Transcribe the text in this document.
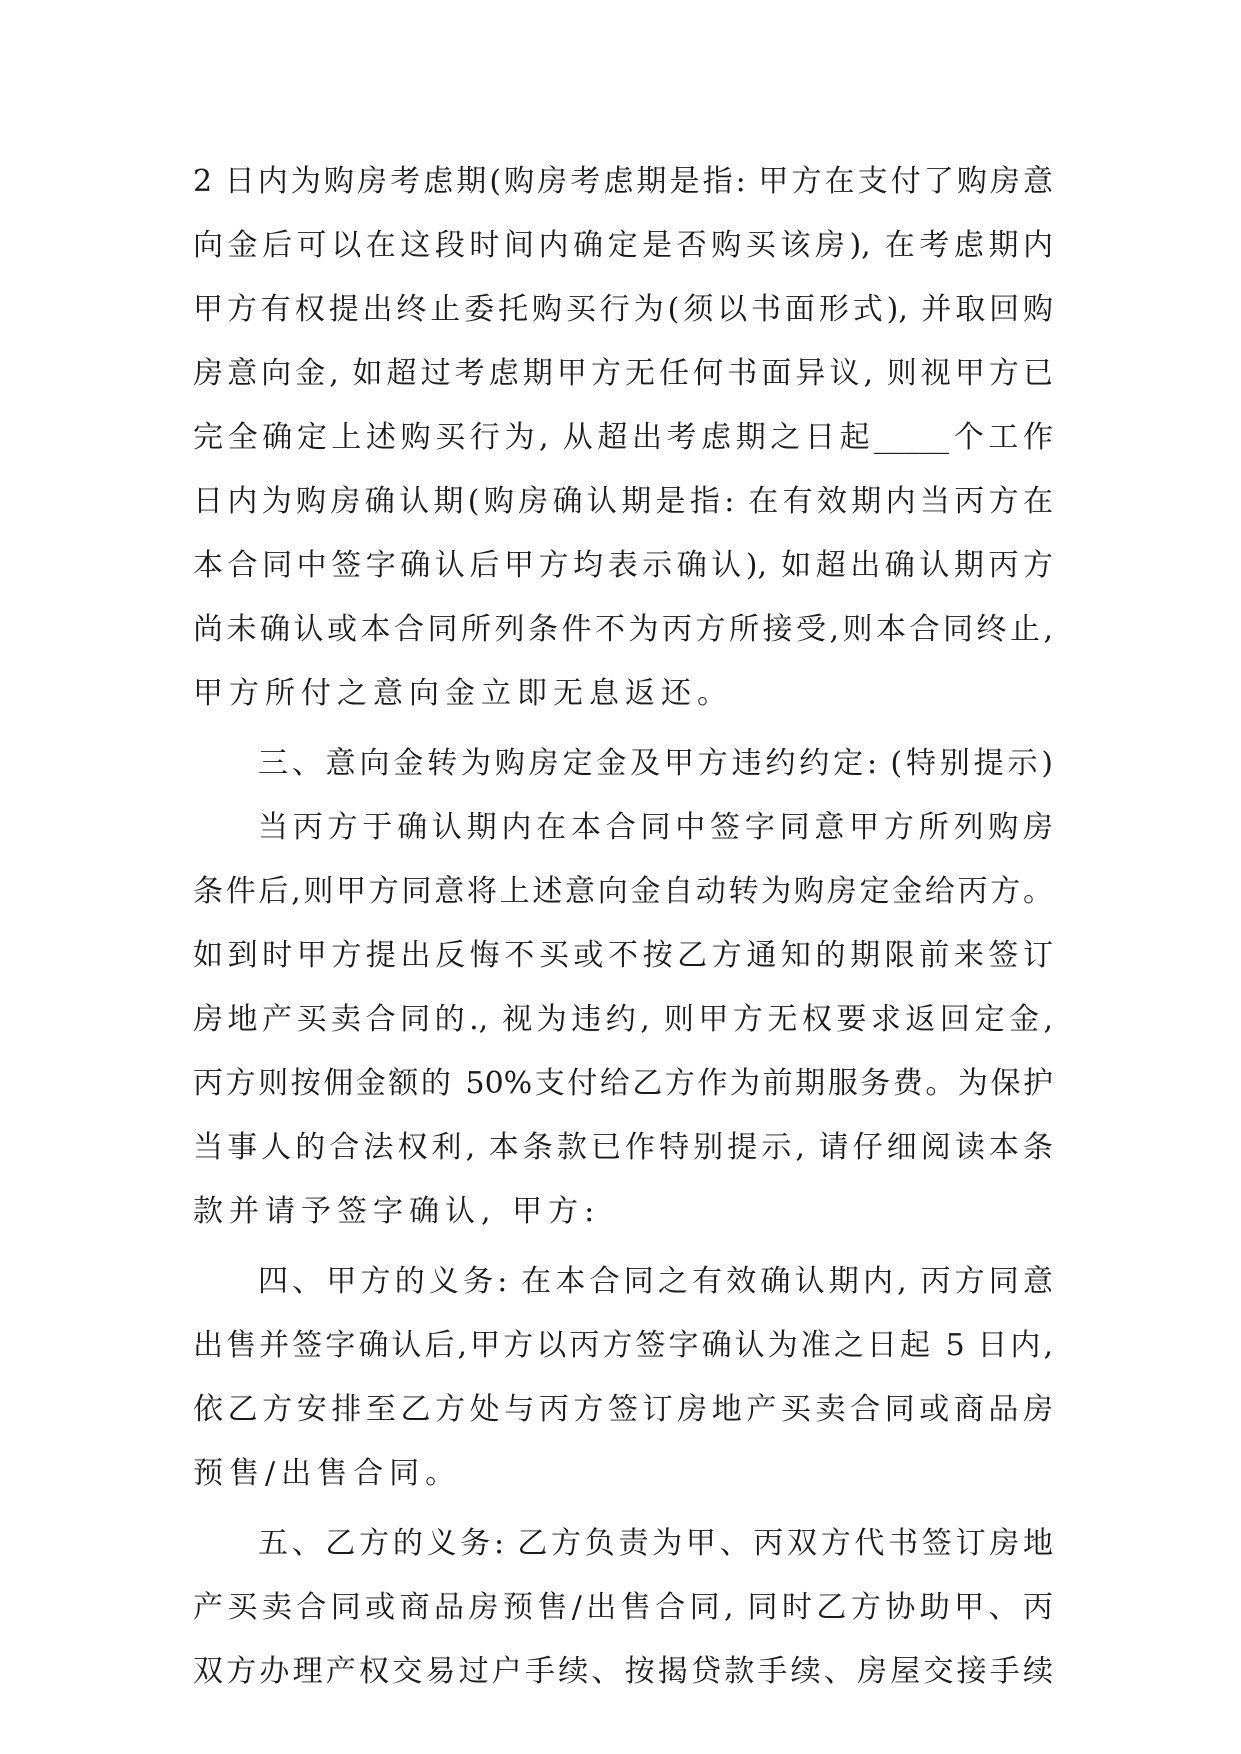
2 日内为购房考虑期(购房考虑期是指: 甲方在支付了购房意
向金后可以在这段时间内确定是否购买该房), 在考虑期内
甲方有权提出终止委托购买行为(须以书面形式), 并取回购
房意向金, 如超过考虑期甲方无任何书面异议, 则视甲方已
完全确定上述购买行为, 从超出考虑期之日起_____个工作
日内为购房确认期(购房确认期是指: 在有效期内当丙方在
本合同中签字确认后甲方均表示确认), 如超出确认期丙方
尚未确认或本合同所列条件不为丙方所接受,则本合同终止,
甲方所付之意向金立即无息返还。
三、意向金转为购房定金及甲方违约约定: (特别提示)
当丙方于确认期内在本合同中签字同意甲方所列购房
条件后,则甲方同意将上述意向金自动转为购房定金给丙方。
如到时甲方提出反悔不买或不按乙方通知的期限前来签订
房地产买卖合同的., 视为违约, 则甲方无权要求返回定金,
丙方则按佣金额的 50%支付给乙方作为前期服务费。为保护
当事人的合法权利, 本条款已作特别提示, 请仔细阅读本条
款并请予签字确认, 甲方:
四、甲方的义务: 在本合同之有效确认期内, 丙方同意
出售并签字确认后,甲方以丙方签字确认为准之日起 5 日内,
依乙方安排至乙方处与丙方签订房地产买卖合同或商品房
预售/出售合同。
五、乙方的义务: 乙方负责为甲、丙双方代书签订房地
产买卖合同或商品房预售/出售合同, 同时乙方协助甲、丙
双方办理产权交易过户手续、按揭贷款手续、房屋交接手续
